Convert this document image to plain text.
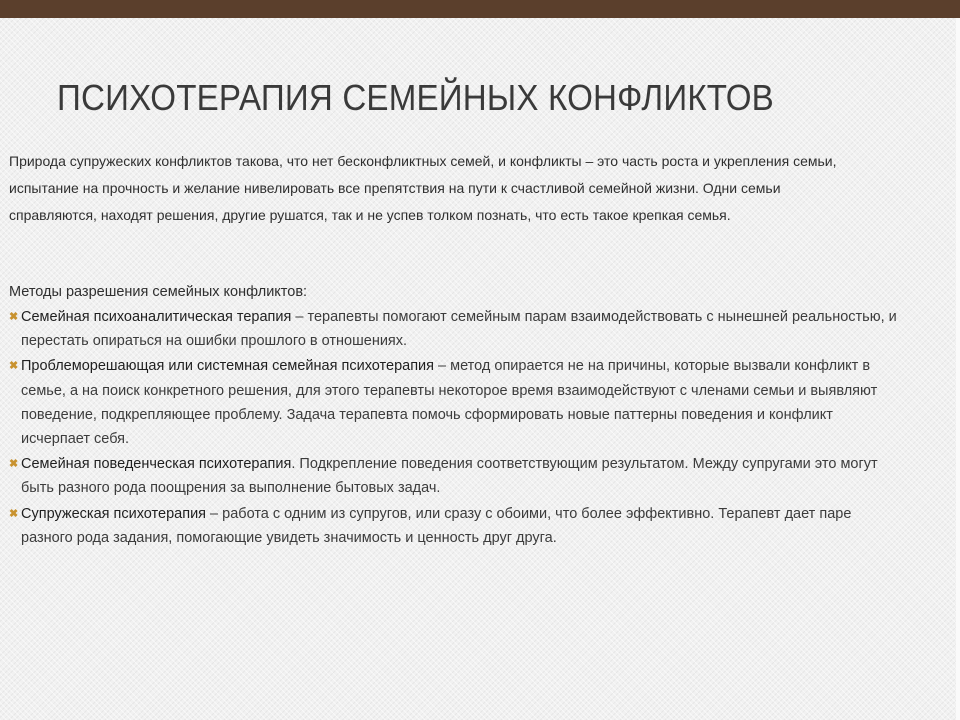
ПСИХОТЕРАПИЯ СЕМЕЙНЫХ КОНФЛИКТОВ

Природа супружеских конфликтов такова, что нет бесконфликтных семей, и конфликты – это часть роста и укрепления семьи, испытание на прочность и желание нивелировать все препятствия на пути к счастливой семейной жизни. Одни семьи справляются, находят решения, другие рушатся, так и не успев толком познать, что есть такое крепкая семья.

Методы разрешения семейных конфликтов:
✖ Семейная психоаналитическая терапия – терапевты помогают семейным парам взаимодействовать с нынешней реальностью, и перестать опираться на ошибки прошлого в отношениях.
✖ Проблеморешающая или системная семейная психотерапия – метод опирается не на причины, которые вызвали конфликт в семье, а на поиск конкретного решения, для этого терапевты некоторое время взаимодействуют с членами семьи и выявляют поведение, подкрепляющее проблему. Задача терапевта помочь сформировать новые паттерны поведения и конфликт исчерпает себя.
✖ Семейная поведенческая психотерапия. Подкрепление поведения соответствующим результатом. Между супругами это могут быть разного рода поощрения за выполнение бытовых задач.
✖ Супружеская психотерапия – работа с одним из супругов, или сразу с обоими, что более эффективно. Терапевт дает паре разного рода задания, помогающие увидеть значимость и ценность друг друга.
